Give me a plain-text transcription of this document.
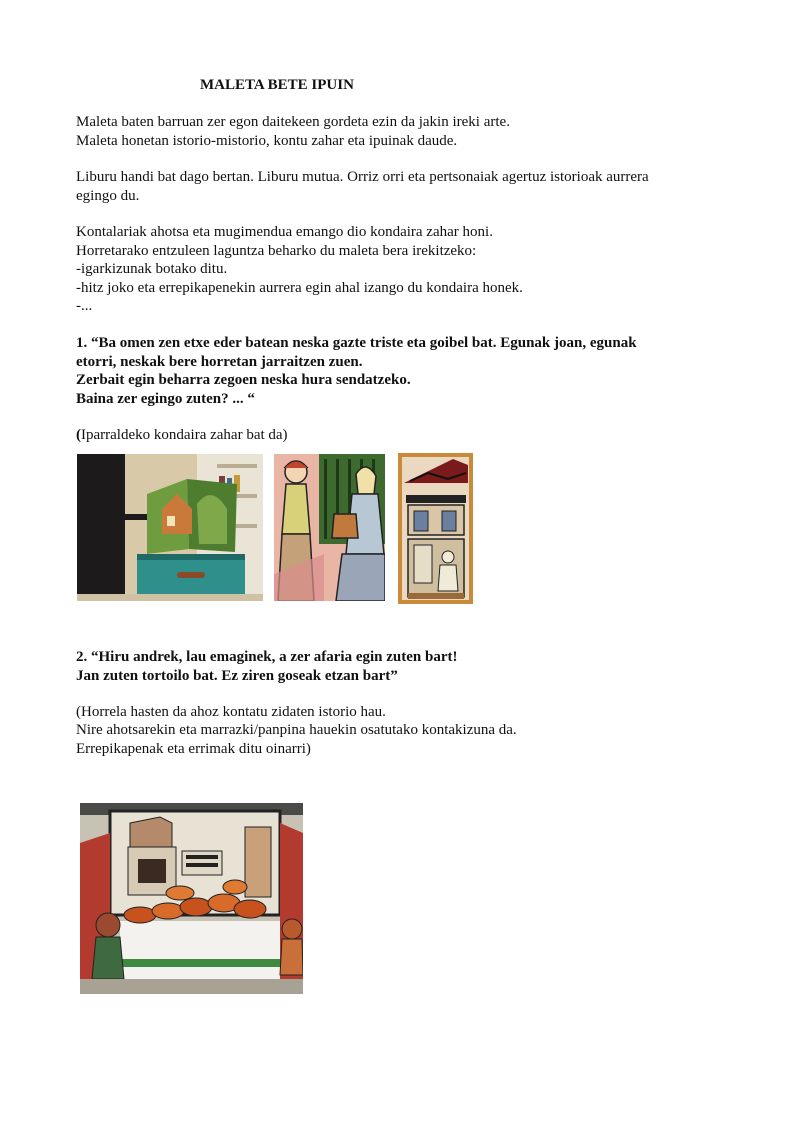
MALETA BETE IPUIN
Maleta baten barruan zer egon daitekeen gordeta ezin da jakin ireki arte.
Maleta honetan istorio-mistorio, kontu zahar eta ipuinak daude.
Liburu handi bat dago bertan. Liburu mutua. Orriz orri eta pertsonaiak agertuz istorioak aurrera
egingo du.
Kontalariak ahotsa eta mugimendua emango dio kondaira zahar honi.
Horretarako entzuleen laguntza beharko du maleta bera irekitzeko:
-igarkizunak botako ditu.
-hitz joko eta errepikapenekin aurrera egin ahal izango du kondaira honek.
-...
1. “Ba omen zen etxe eder batean neska gazte triste eta goibel bat. Egunak joan, egunak
etorri, neskak bere horretan jarraitzen zuen.
Zerbait egin beharra zegoen neska hura sendatzeko.
Baina zer egingo zuten? ... “
(Iparraldeko kondaira zahar bat da)
2. “Hiru andrek, lau emaginek, a zer afaria egin zuten bart!
Jan zuten tortoilo bat. Ez ziren goseak etzan bart”
(Horrela hasten da ahoz kontatu zidaten istorio hau.
Nire ahotsarekin eta marrazki/panpina hauekin osatutako kontakizuna da.
Errepikapenak eta errimak ditu oinarri)
